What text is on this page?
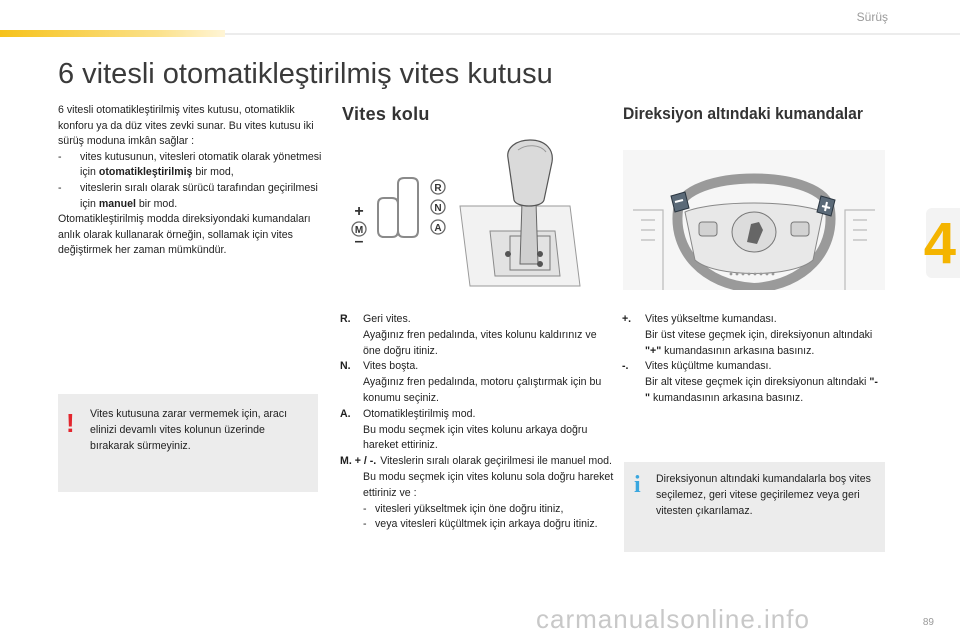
Sürüş
4
6 vitesli otomatikleştirilmiş vites kutusu

6 vitesli otomatikleştirilmiş vites kutusu, otomatiklik konforu ya da düz vites zevki sunar. Bu vites kutusu iki sürüş moduna imkân sağlar :

-	vites kutusunun, vitesleri otomatik olarak yönetmesi için otomatikleştirilmiş bir mod,
-	viteslerin sıralı olarak sürücü tarafından geçirilmesi için manuel bir mod.

Otomatikleştirilmiş modda direksiyondaki kumandaları anlık olarak kullanarak örneğin, sollamak için vites değiştirmek her zaman mümkündür.

! Vites kutusuna zarar vermemek için, aracı elinizi devamlı vites kolunun üzerinde bırakarak sürmeyiniz.
Vites kolu	Direksiyon altındaki kumandalar
R
N
A
M
+
–
R.	Geri vites.
Ayağınız fren pedalında, vites kolunu kaldırınız ve öne doğru itiniz.
N.	Vites boşta.
Ayağınız fren pedalında, motoru çalıştırmak için bu konumu seçiniz.
A.	Otomatikleştirilmiş mod.
Bu modu seçmek için vites kolunu arkaya doğru hareket ettiriniz.
M. + / -. Viteslerin sıralı olarak geçirilmesi ile manuel mod.
Bu modu seçmek için vites kolunu sola doğru hareket ettiriniz ve :
- vitesleri yükseltmek için öne doğru itiniz,
- veya vitesleri küçültmek için arkaya doğru itiniz.
+.	Vites yükseltme kumandası.
Bir üst vitese geçmek için, direksiyonun altındaki "+" kumandasının arkasına basınız.
-.	Vites küçültme kumandası.
Bir alt vitese geçmek için direksiyonun altındaki "-" kumandasının arkasına basınız.
i Direksiyonun altındaki kumandalarla boş vites seçilemez, geri vitese geçirilemez veya geri vitesten çıkarılamaz.
carmanualsonline.info	89
